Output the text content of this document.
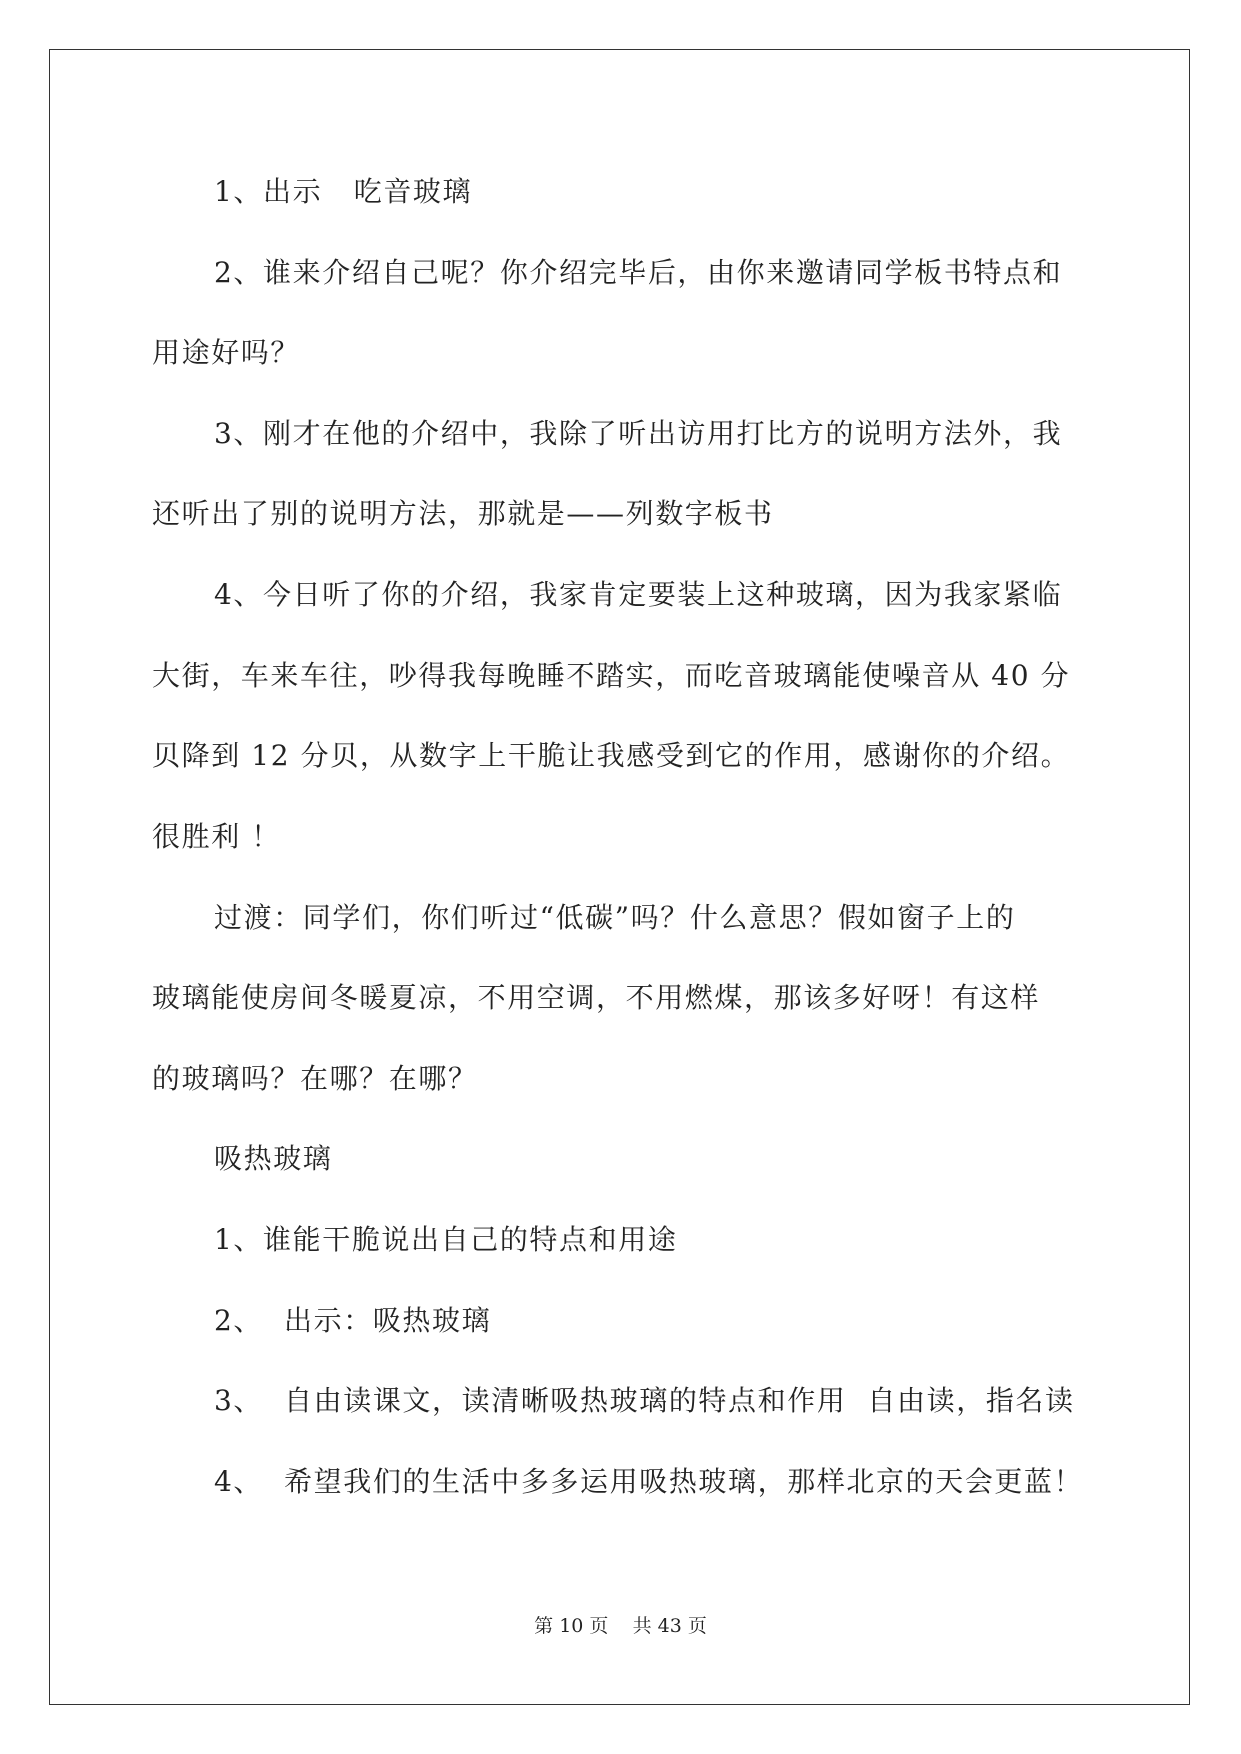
1、出示   吃音玻璃
2、谁来介绍自己呢？你介绍完毕后，由你来邀请同学板书特点和
用途好吗？
3、刚才在他的介绍中，我除了听出访用打比方的说明方法外，我
还听出了别的说明方法，那就是——列数字板书
4、今日听了你的介绍，我家肯定要装上这种玻璃，因为我家紧临
大街，车来车往，吵得我每晚睡不踏实，而吃音玻璃能使噪音从 40 分
贝降到 12 分贝，从数字上干脆让我感受到它的作用，感谢你的介绍。
很胜利 ！
过渡：同学们，你们听过“低碳”吗？什么意思？假如窗子上的
玻璃能使房间冬暖夏凉，不用空调，不用燃煤，那该多好呀！有这样
的玻璃吗？在哪？在哪？
吸热玻璃
1、谁能干脆说出自己的特点和用途
2、  出示：吸热玻璃
3、  自由读课文，读清晰吸热玻璃的特点和作用  自由读，指名读
4、  希望我们的生活中多多运用吸热玻璃，那样北京的天会更蓝！
第 10 页    共 43 页
